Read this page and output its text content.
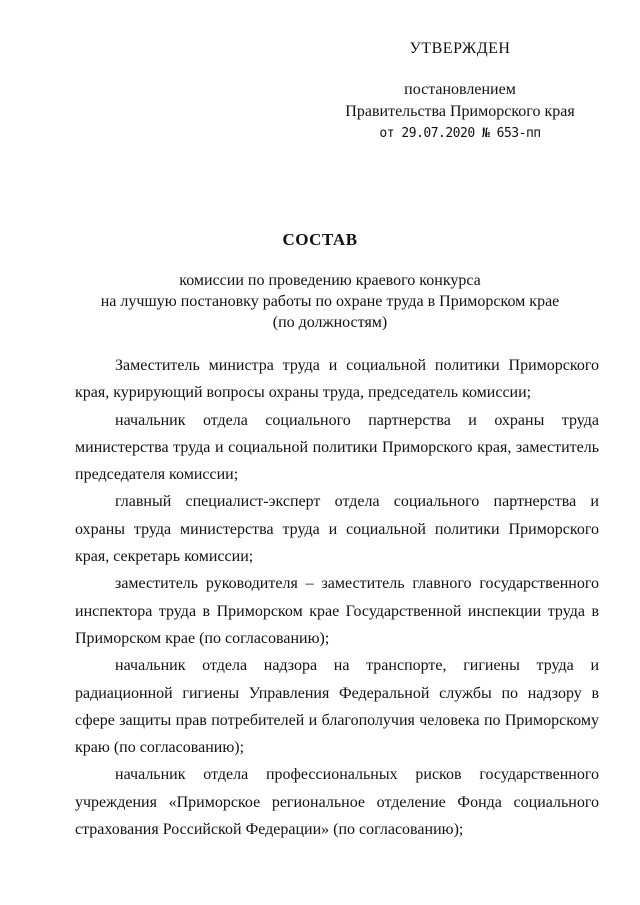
УТВЕРЖДЕН
постановлением
Правительства Приморского края
от 29.07.2020 № 653-пп
СОСТАВ
комиссии по проведению краевого конкурса
на лучшую постановку работы по охране труда в Приморском крае
(по должностям)

Заместитель министра труда и социальной политики Приморского края, курирующий вопросы охраны труда, председатель комиссии;

начальник отдела социального партнерства и охраны труда министерства труда и социальной политики Приморского края, заместитель председателя комиссии;

главный специалист-эксперт отдела социального партнерства и охраны труда министерства труда и социальной политики Приморского края, секретарь комиссии;

заместитель руководителя – заместитель главного государственного инспектора труда в Приморском крае Государственной инспекции труда в Приморском крае (по согласованию);

начальник отдела надзора на транспорте, гигиены труда и радиационной гигиены Управления Федеральной службы по надзору в сфере защиты прав потребителей и благополучия человека по Приморскому краю (по согласованию);

начальник отдела профессиональных рисков государственного учреждения «Приморское региональное отделение Фонда социального страхования Российской Федерации» (по согласованию);
